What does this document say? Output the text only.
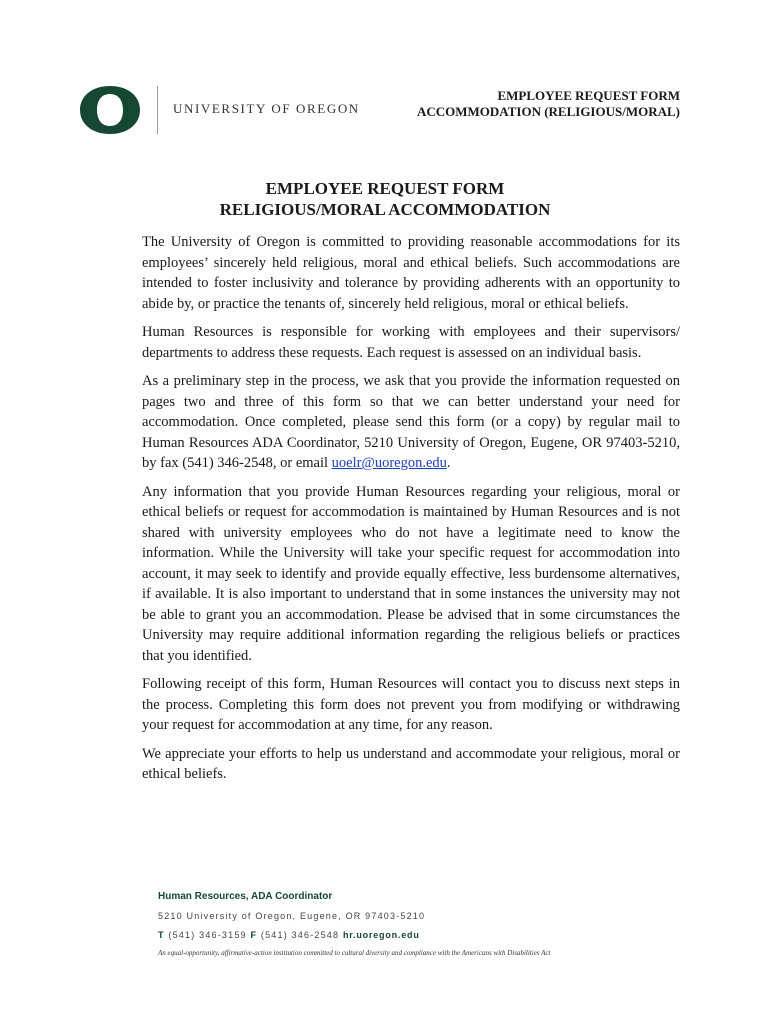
UNIVERSITY OF OREGON
EMPLOYEE REQUEST FORM
ACCOMMODATION (RELIGIOUS/MORAL)
EMPLOYEE REQUEST FORM
RELIGIOUS/MORAL ACCOMMODATION

The University of Oregon is committed to providing reasonable accommodations for its employees’ sincerely held religious, moral and ethical beliefs. Such accommodations are intended to foster inclusivity and tolerance by providing adherents with an opportunity to abide by, or practice the tenants of, sincerely held religious, moral or ethical beliefs.

Human Resources is responsible for working with employees and their supervisors/ departments to address these requests. Each request is assessed on an individual basis.

As a preliminary step in the process, we ask that you provide the information requested on pages two and three of this form so that we can better understand your need for accommodation. Once completed, please send this form (or a copy) by regular mail to Human Resources ADA Coordinator, 5210 University of Oregon, Eugene, OR 97403-5210, by fax (541) 346-2548, or email uoelr@uoregon.edu.

Any information that you provide Human Resources regarding your religious, moral or ethical beliefs or request for accommodation is maintained by Human Resources and is not shared with university employees who do not have a legitimate need to know the information. While the University will take your specific request for accommodation into account, it may seek to identify and provide equally effective, less burdensome alternatives, if available. It is also important to understand that in some instances the university may not be able to grant you an accommodation. Please be advised that in some circumstances the University may require additional information regarding the religious beliefs or practices that you identified.

Following receipt of this form, Human Resources will contact you to discuss next steps in the process. Completing this form does not prevent you from modifying or withdrawing your request for accommodation at any time, for any reason.

We appreciate your efforts to help us understand and accommodate your religious, moral or ethical beliefs.

Human Resources, ADA Coordinator
5210 University of Oregon, Eugene, OR 97403-5210
T (541) 346-3159 F (541) 346-2548 hr.uoregon.edu
An equal-opportunity, affirmative-action institution committed to cultural diversity and compliance with the Americans with Disabilities Act
